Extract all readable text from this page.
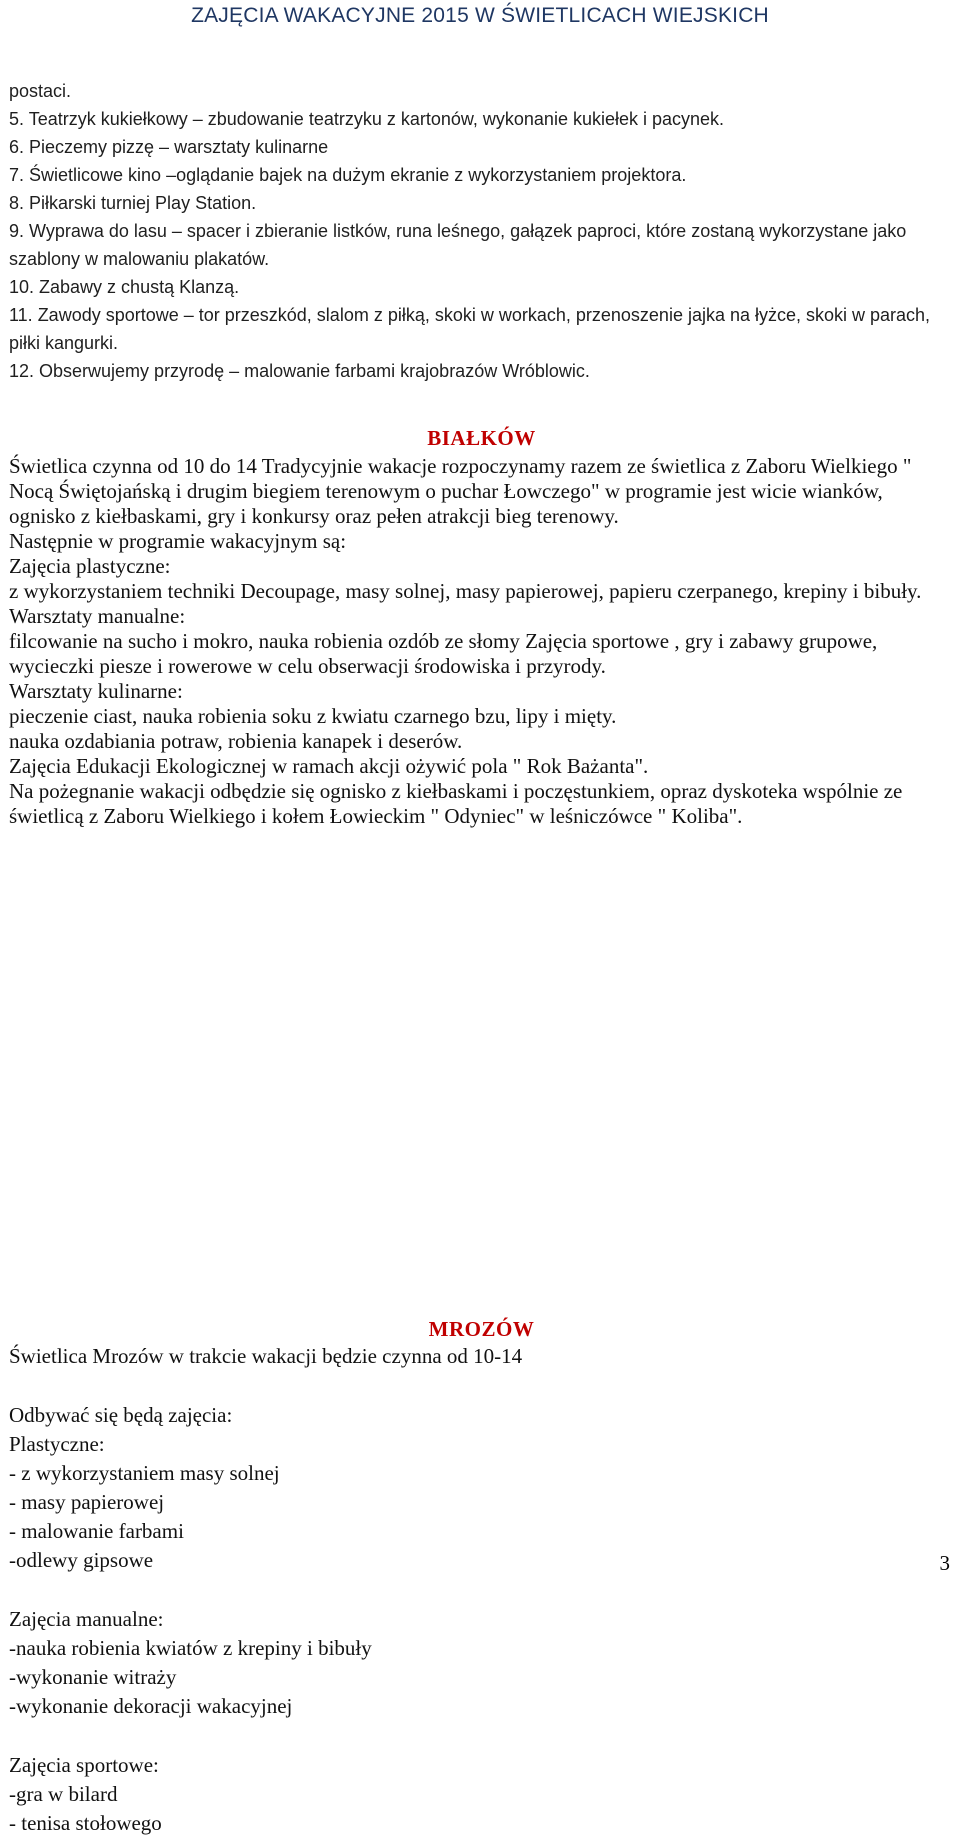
ZAJĘCIA WAKACYJNE 2015 W ŚWIETLICACH WIEJSKICH
postaci.
5. Teatrzyk kukiełkowy – zbudowanie teatrzyku z kartonów, wykonanie kukiełek i pacynek.
6. Pieczemy pizzę – warsztaty kulinarne
7. Świetlicowe kino –oglądanie bajek na dużym ekranie z wykorzystaniem projektora.
8. Piłkarski turniej Play Station.
9. Wyprawa do lasu – spacer i zbieranie listków, runa leśnego, gałązek paproci, które zostaną wykorzystane jako szablony w malowaniu plakatów.
10. Zabawy z chustą Klanzą.
11. Zawody sportowe – tor przeszkód, slalom z piłką, skoki w workach, przenoszenie jajka na łyżce, skoki w parach, piłki kangurki.
12. Obserwujemy przyrodę – malowanie farbami krajobrazów Wróblowic.
BIAŁKÓW

Świetlica czynna od 10 do 14 Tradycyjnie wakacje rozpoczynamy razem ze świetlica z Zaboru Wielkiego " Nocą Świętojańską i drugim biegiem terenowym o puchar Łowczego" w programie jest wicie wianków, ognisko z kiełbaskami, gry i konkursy oraz pełen atrakcji bieg terenowy.

Następnie w programie wakacyjnym są:

Zajęcia plastyczne:

z wykorzystaniem techniki Decoupage, masy solnej, masy papierowej, papieru czerpanego, krepiny i bibuły.

Warsztaty manualne:

filcowanie na sucho i mokro, nauka robienia ozdób ze słomy Zajęcia sportowe , gry i zabawy grupowe, wycieczki piesze i rowerowe w celu obserwacji środowiska i przyrody.

Warsztaty kulinarne:

pieczenie ciast, nauka robienia soku z kwiatu czarnego bzu, lipy i mięty.

nauka ozdabiania potraw, robienia kanapek i deserów.

Zajęcia Edukacji Ekologicznej w ramach akcji ożywić pola " Rok Bażanta".

Na pożegnanie wakacji odbędzie się ognisko z kiełbaskami i poczęstunkiem, opraz dyskoteka wspólnie ze świetlicą z Zaboru Wielkiego i kołem Łowieckim " Odyniec" w leśniczówce " Koliba".

MROZÓW

Świetlica Mrozów w trakcie wakacji będzie czynna od 10-14

Odbywać się będą zajęcia:

Plastyczne:

- z wykorzystaniem masy solnej

- masy papierowej

- malowanie farbami

-odlewy gipsowe

Zajęcia manualne:

-nauka robienia kwiatów z krepiny i bibuły

-wykonanie witraży

-wykonanie dekoracji wakacyjnej

Zajęcia sportowe:

-gra w bilard

- tenisa stołowego

3
